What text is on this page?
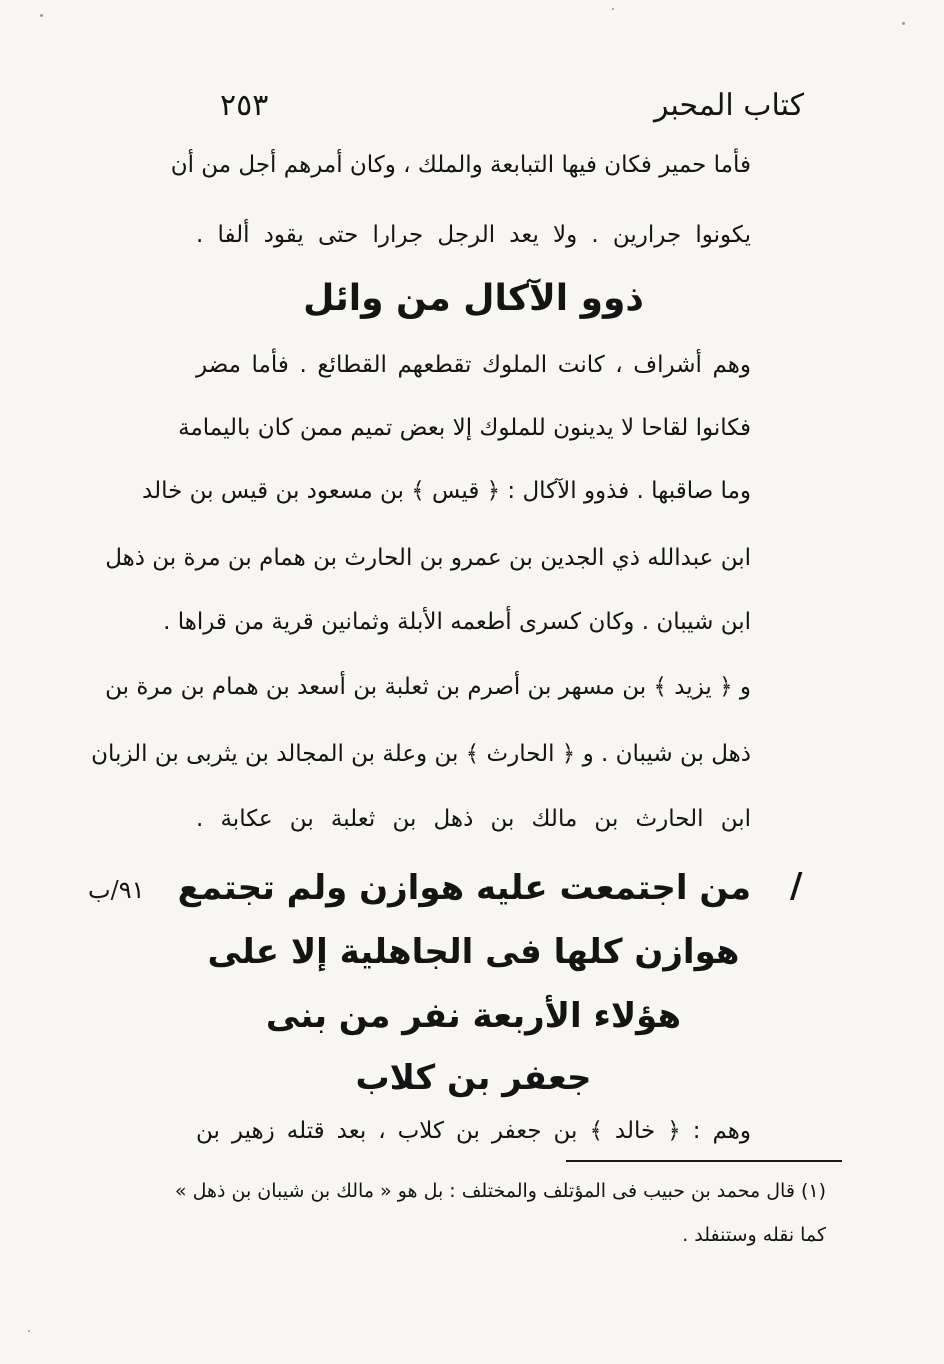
كتاب المحبر
٢٥٣
فأما حمير فكان فيها التبابعة والملك ، وكان أمرهم أجل من أن
يكونوا جرارين . ولا يعد الرجل جرارا حتى يقود ألفا .
ذوو الآكال من وائل
وهم أشراف ، كانت الملوك تقطعهم القطائع . فأما مضر
فكانوا لقاحا لا يدينون للملوك إلا بعض تميم ممن كان باليمامة
وما صاقبها . فذوو الآكال : ﴿ قيس ﴾ بن مسعود بن قيس بن خالد
ابن عبدالله ذي الجدين بن عمرو بن الحارث بن همام بن مرة بن ذهل
ابن شيبان . وكان كسرى أطعمه الأبلة وثمانين قرية من قراها .
و ﴿ يزيد ﴾ بن مسهر بن أصرم بن ثعلبة بن أسعد بن همام بن مرة بن
ذهل بن شيبان . و ﴿ الحارث ﴾ بن وعلة بن المجالد بن يثربى بن الزبان
ابن الحارث بن مالك بن ذهل بن ثعلبة بن عكابة .
٩١/ب	/
من اجتمعت عليه هوازن ولم تجتمع
هوازن كلها فى الجاهلية إلا على
هؤلاء الأربعة نفر من بنى
جعفر بن كلاب
وهم : ﴿ خالد ﴾ بن جعفر بن كلاب ، بعد قتله زهير بن
(١) قال محمد بن حبيب فى المؤتلف والمختلف : بل هو « مالك بن شيبان بن ذهل »
كما نقله وستنفلد .
